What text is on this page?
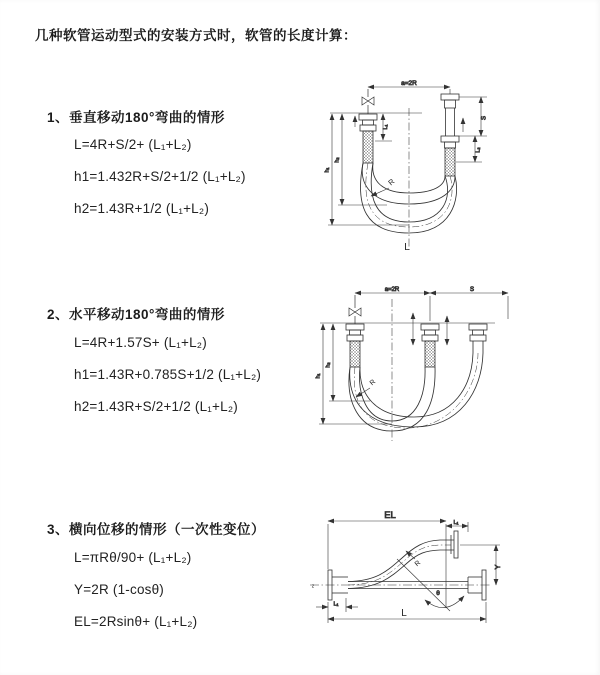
几种软管运动型式的安装方式时，软管的长度计算：
1、垂直移动180°弯曲的情形
L=4R+S/2+ (L₁+L₂)
h1=1.432R+S/2+1/2 (L₁+L₂)
h2=1.43R+1/2 (L₁+L₂)
2、水平移动180°弯曲的情形
L=4R+1.57S+ (L₁+L₂)
h1=1.43R+0.785S+1/2 (L₁+L₂)
h2=1.43R+S/2+1/2 (L₁+L₂)
3、横向位移的情形（一次性变位）
L=πRθ/90+ (L₁+L₂)
Y=2R (1-cosθ)
EL=2Rsinθ+ (L₁+L₂)
a=2R
L₁
S
L₂
h₁
h₂
R
L
a=2R	S
h₁
h₂
R
EL
L₁
Y
θ
L₁
R
L
z
